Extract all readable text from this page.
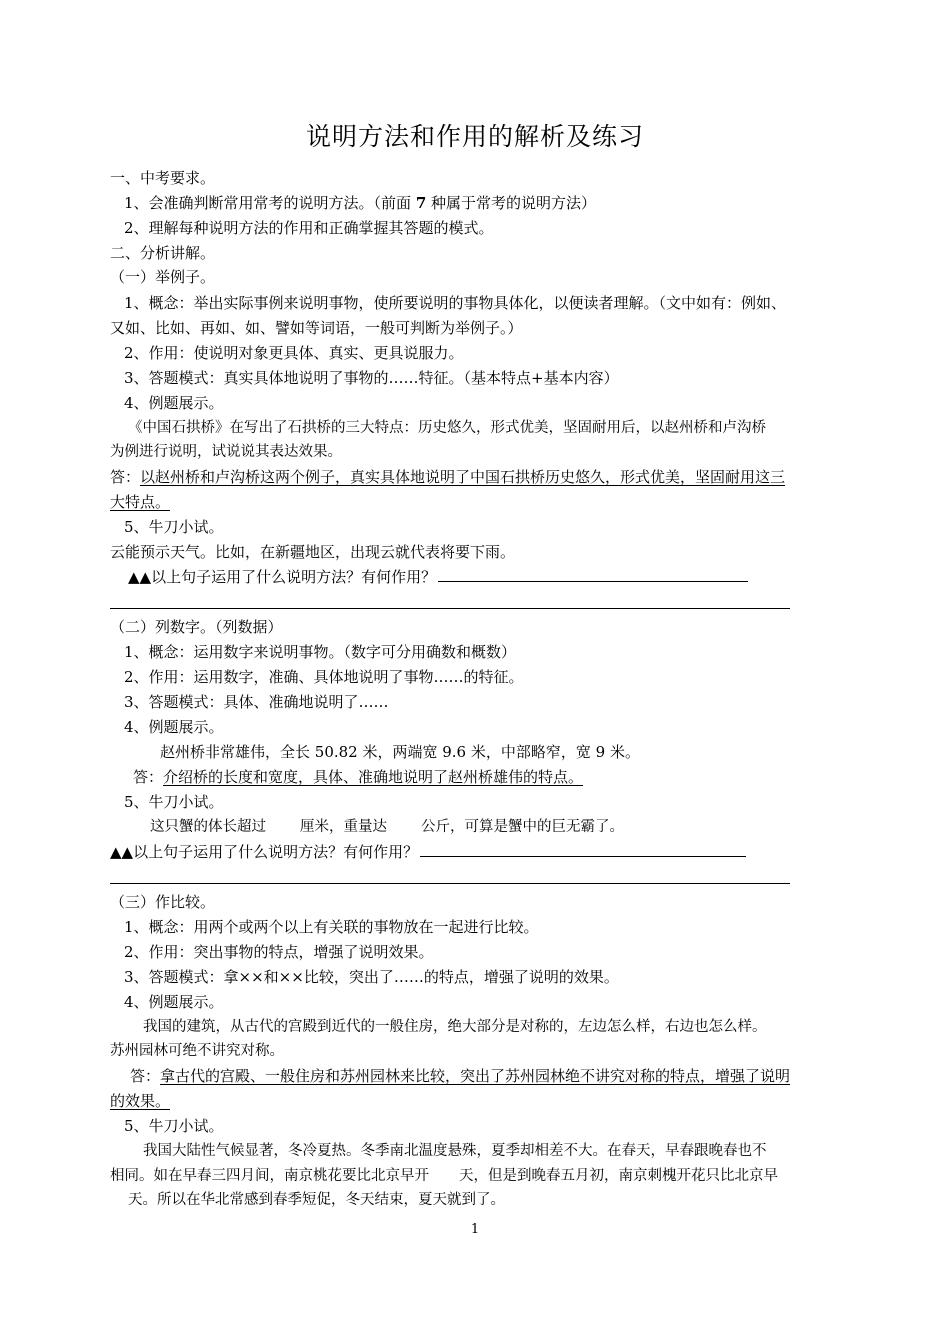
说明方法和作用的解析及练习
一、中考要求。
1、会准确判断常用常考的说明方法。（前面 7 种属于常考的说明方法）
2、理解每种说明方法的作用和正确掌握其答题的模式。
二、分析讲解。
（一）举例子。
1、概念：举出实际事例来说明事物，使所要说明的事物具体化，以便读者理解。（文中如有：例如、
又如、比如、再如、如、譬如等词语，一般可判断为举例子。）
2、作用：使说明对象更具体、真实、更具说服力。
3、答题模式：真实具体地说明了事物的……特征。（基本特点+基本内容）
4、例题展示。
《中国石拱桥》在写出了石拱桥的三大特点：历史悠久，形式优美，坚固耐用后，以赵州桥和卢沟桥
为例进行说明，试说说其表达效果。
答：以赵州桥和卢沟桥这两个例子，真实具体地说明了中国石拱桥历史悠久，形式优美，坚固耐用这三
大特点。
5、牛刀小试。
云能预示天气。比如，在新疆地区，出现云就代表将要下雨。
▲▲以上句子运用了什么说明方法？有何作用？
（二）列数字。（列数据）
1、概念：运用数字来说明事物。（数字可分用确数和概数）
2、作用：运用数字，准确、具体地说明了事物……的特征。
3、答题模式：具体、准确地说明了……
4、例题展示。
赵州桥非常雄伟，全长 50.82 米，两端宽 9.6 米，中部略窄，宽 9 米。
答：介绍桥的长度和宽度，具体、准确地说明了赵州桥雄伟的特点。
5、牛刀小试。
这只蟹的体长超过 厘米，重量达 公斤，可算是蟹中的巨无霸了。
▲▲以上句子运用了什么说明方法？有何作用？
（三）作比较。
1、概念：用两个或两个以上有关联的事物放在一起进行比较。
2、作用：突出事物的特点，增强了说明效果。
3、答题模式：拿××和××比较，突出了……的特点，增强了说明的效果。
4、例题展示。
我国的建筑，从古代的宫殿到近代的一般住房，绝大部分是对称的，左边怎么样，右边也怎么样。
苏州园林可绝不讲究对称。
答：拿古代的宫殿、一般住房和苏州园林来比较，突出了苏州园林绝不讲究对称的特点，增强了说明
的效果。
5、牛刀小试。
我国大陆性气候显著，冬冷夏热。冬季南北温度悬殊，夏季却相差不大。在春天，早春跟晚春也不
相同。如在早春三四月间，南京桃花要比北京早开 天，但是到晚春五月初，南京刺槐开花只比北京早
天。所以在华北常感到春季短促，冬天结束，夏天就到了。
1
